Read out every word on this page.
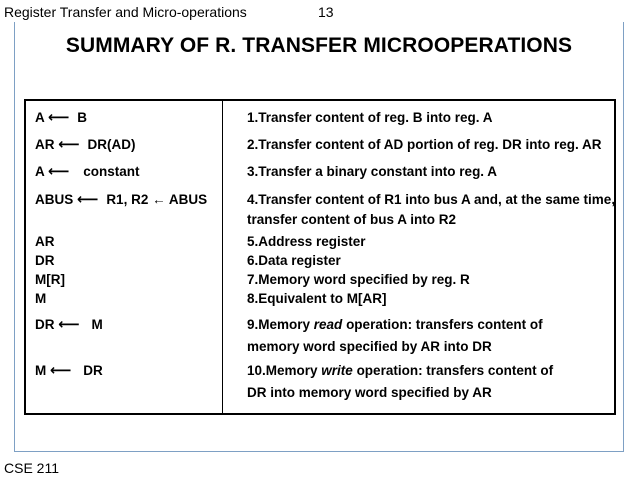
Register Transfer and Micro-operations	13
SUMMARY OF R. TRANSFER MICROOPERATIONS
A ⟵ B	1.Transfer content of reg. B into reg. A
AR ⟵ DR(AD)	2.Transfer content of AD portion of reg. DR into reg. AR
A ⟵ constant	3.Transfer a binary constant into reg. A
ABUS ⟵ R1, R2 ← ABUS	4.Transfer content of R1 into bus A and, at the same time,
transfer content of bus A into R2
AR	5.Address register
DR	6.Data register
M[R]	7.Memory word specified by reg. R
M	8.Equivalent to M[AR]
DR ⟵ M	9.Memory read operation: transfers content of
memory word specified by AR into DR
M ⟵ DR	10.Memory write operation: transfers content of
DR into memory word specified by AR
CSE 211
